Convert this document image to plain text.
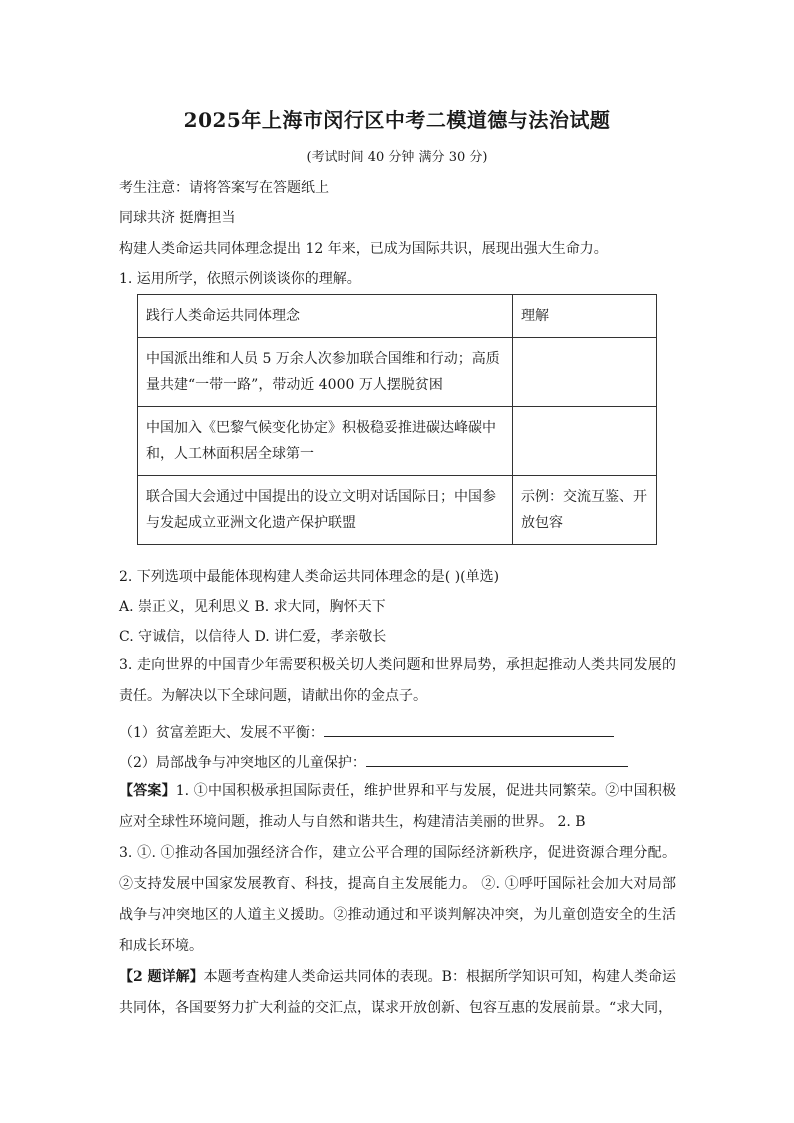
2025年上海市闵行区中考二模道德与法治试题
(考试时间 40 分钟 满分 30 分)
考生注意：请将答案写在答题纸上
同球共济 挺膺担当
构建人类命运共同体理念提出 12 年来，已成为国际共识，展现出强大生命力。
1. 运用所学，依照示例谈谈你的理解。
践行人类命运共同体理念	理解
中国派出维和人员 5 万余人次参加联合国维和行动；高质量共建“一带一路”，带动近 4000 万人摆脱贫困	
中国加入《巴黎气候变化协定》积极稳妥推进碳达峰碳中和，人工林面积居全球第一	
联合国大会通过中国提出的设立文明对话国际日；中国参与发起成立亚洲文化遗产保护联盟	示例：交流互鉴、开放包容
2. 下列选项中最能体现构建人类命运共同体理念的是( )(单选)
A. 崇正义，见利思义 B. 求大同，胸怀天下
C. 守诚信，以信待人 D. 讲仁爱，孝亲敬长
3. 走向世界的中国青少年需要积极关切人类问题和世界局势，承担起推动人类共同发展的责任。为解决以下全球问题，请献出你的金点子。
（1）贫富差距大、发展不平衡：
（2）局部战争与冲突地区的儿童保护：
【答案】1. ①中国积极承担国际责任，维护世界和平与发展，促进共同繁荣。②中国积极应对全球性环境问题，推动人与自然和谐共生，构建清洁美丽的世界。 2. B
3. ①. ①推动各国加强经济合作，建立公平合理的国际经济新秩序，促进资源合理分配。②支持发展中国家发展教育、科技，提高自主发展能力。 ②. ①呼吁国际社会加大对局部战争与冲突地区的人道主义援助。②推动通过和平谈判解决冲突，为儿童创造安全的生活和成长环境。
【2 题详解】本题考查构建人类命运共同体的表现。B：根据所学知识可知，构建人类命运共同体，各国要努力扩大利益的交汇点，谋求开放创新、包容互惠的发展前景。“求大同，
